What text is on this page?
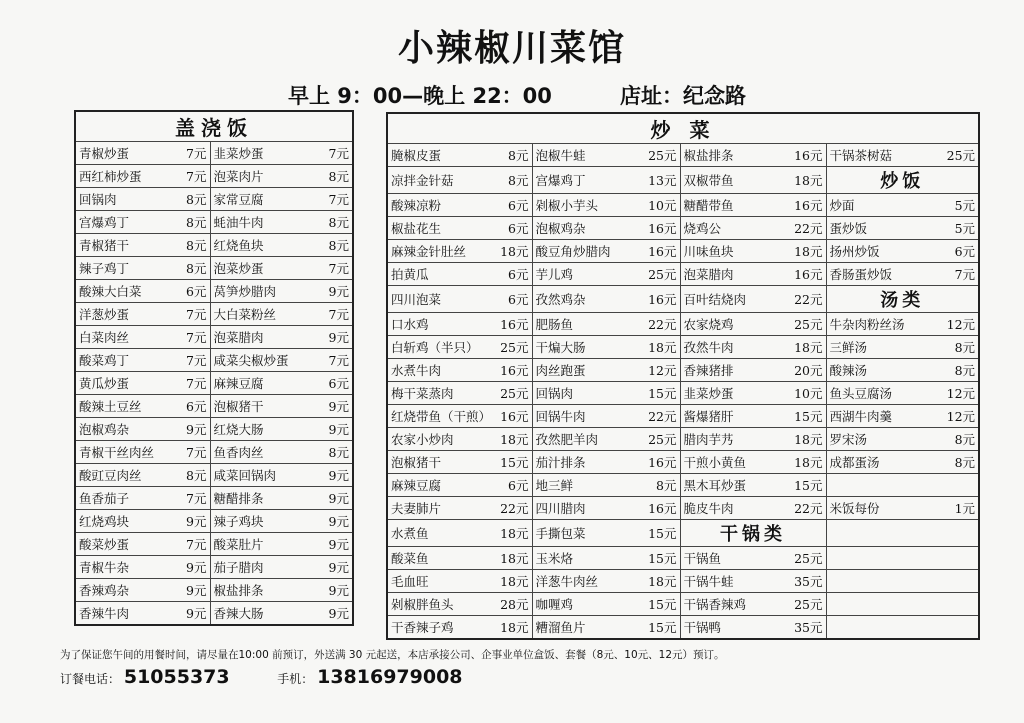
小辣椒川菜馆
早上 9：00—晚上 22：00	店址：纪念路
盖浇饭	
青椒炒蛋 7元	韭菜炒蛋 7元

西红柿炒蛋 7元	泡菜肉片 8元

回锅肉 8元	家常豆腐 7元

宫爆鸡丁 8元	蚝油牛肉 8元

青椒猪干 8元	红烧鱼块 8元

辣子鸡丁 8元	泡菜炒蛋 7元

酸辣大白菜 6元	莴笋炒腊肉 9元

洋葱炒蛋 7元	大白菜粉丝 7元

白菜肉丝 7元	泡菜腊肉 9元

酸菜鸡丁 7元	咸菜尖椒炒蛋 7元

黄瓜炒蛋 7元	麻辣豆腐 6元

酸辣土豆丝 6元	泡椒猪干 9元

泡椒鸡杂 9元	红烧大肠 9元

青椒干丝肉丝 7元	鱼香肉丝 8元

酸豇豆肉丝 8元	咸菜回锅肉 9元

鱼香茄子 7元	糖醋排条 9元

红烧鸡块 9元	辣子鸡块 9元

酸菜炒蛋 7元	酸菜肚片 9元

青椒牛杂 9元	茄子腊肉 9元

香辣鸡杂 9元	椒盐排条 9元

香辣牛肉 9元	香辣大肠 9元
炒 菜			
腌椒皮蛋 8元	泡椒牛蛙 25元	椒盐排条 16元	干锅茶树菇 25元

凉拌金针菇 8元	宫爆鸡丁 13元	双椒带鱼 18元	炒饭
酸辣凉粉 6元	剁椒小芋头 10元	糖醋带鱼 16元	炒面 5元

椒盐花生 6元	泡椒鸡杂 16元	烧鸡公 22元	蛋炒饭 5元

麻辣金针肚丝 18元	酸豆角炒腊肉 16元	川味鱼块 18元	扬州炒饭 6元

拍黄瓜 6元	芋儿鸡 25元	泡菜腊肉 16元	香肠蛋炒饭 7元

四川泡菜 6元	孜然鸡杂 16元	百叶结烧肉 22元	汤类
口水鸡 16元	肥肠鱼 22元	农家烧鸡 25元	牛杂肉粉丝汤 12元

白斩鸡（半只） 25元	干煸大肠 18元	孜然牛肉 18元	三鲜汤 8元

水煮牛肉 16元	肉丝跑蛋 12元	香辣猪排 20元	酸辣汤 8元

梅干菜蒸肉 25元	回锅肉 15元	韭菜炒蛋 10元	鱼头豆腐汤 12元

红烧带鱼（干煎） 16元	回锅牛肉 22元	酱爆猪肝 15元	西湖牛肉羹 12元

农家小炒肉 18元	孜然肥羊肉 25元	腊肉芋艿 18元	罗宋汤 8元

泡椒猪干 15元	茄汁排条 16元	干煎小黄鱼 18元	成都蛋汤 8元

麻辣豆腐 6元	地三鲜 8元	黑木耳炒蛋 15元	

夫妻肺片 22元	四川腊肉 16元	脆皮牛肉 22元	米饭每份 1元

水煮鱼 18元	手撕包菜 15元	干锅类	
酸菜鱼 18元	玉米烙 15元	干锅鱼 25元	

毛血旺 18元	洋葱牛肉丝 18元	干锅牛蛙 35元	

剁椒胖鱼头 28元	咖喱鸡 15元	干锅香辣鸡 25元	

干香辣子鸡 18元	糟溜鱼片 15元	干锅鸭 35元	

为了保证您午间的用餐时间，请尽量在10:00 前预订，外送满 30 元起送，本店承接公司、企事业单位盒饭、套餐（8元、10元、12元）预订。
订餐电话： 51055373	手机： 13816979008
